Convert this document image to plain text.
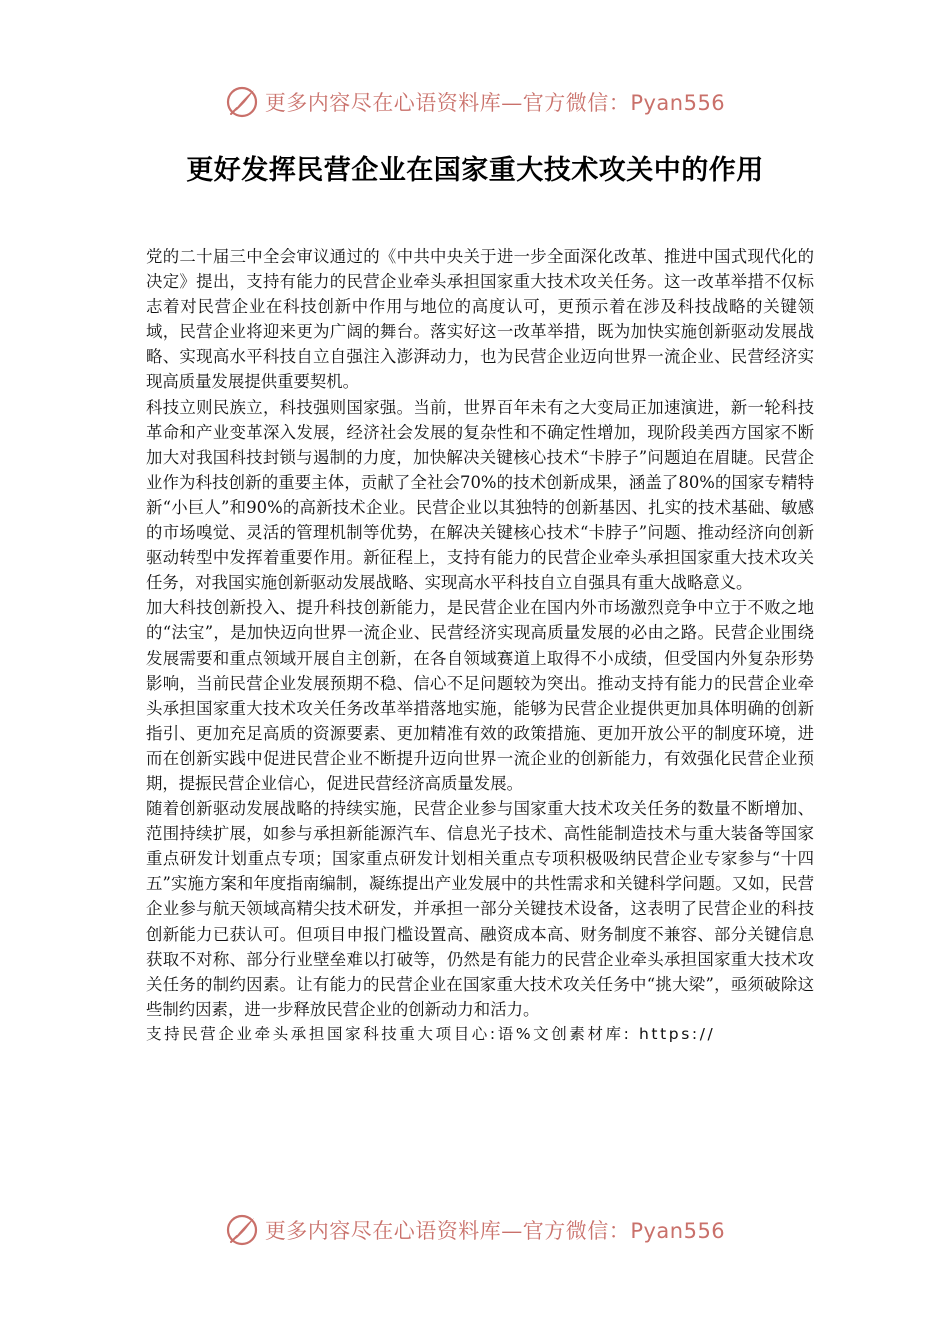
更多内容尽在心语资料库—官方微信：Pyan556
更好发挥民营企业在国家重大技术攻关中的作用

党的二十届三中全会审议通过的《中共中央关于进一步全面深化改革、推进中国式现代化的决定》提出，支持有能力的民营企业牵头承担国家重大技术攻关任务。这一改革举措不仅标志着对民营企业在科技创新中作用与地位的高度认可，更预示着在涉及科技战略的关键领域，民营企业将迎来更为广阔的舞台。落实好这一改革举措，既为加快实施创新驱动发展战略、实现高水平科技自立自强注入澎湃动力，也为民营企业迈向世界一流企业、民营经济实现高质量发展提供重要契机。

科技立则民族立，科技强则国家强。当前，世界百年未有之大变局正加速演进，新一轮科技革命和产业变革深入发展，经济社会发展的复杂性和不确定性增加，现阶段美西方国家不断加大对我国科技封锁与遏制的力度，加快解决关键核心技术“卡脖子”问题迫在眉睫。民营企业作为科技创新的重要主体，贡献了全社会70%的技术创新成果，涵盖了80%的国家专精特新“小巨人”和90%的高新技术企业。民营企业以其独特的创新基因、扎实的技术基础、敏感的市场嗅觉、灵活的管理机制等优势，在解决关键核心技术“卡脖子”问题、推动经济向创新驱动转型中发挥着重要作用。新征程上，支持有能力的民营企业牵头承担国家重大技术攻关任务，对我国实施创新驱动发展战略、实现高水平科技自立自强具有重大战略意义。

加大科技创新投入、提升科技创新能力，是民营企业在国内外市场激烈竞争中立于不败之地的“法宝”，是加快迈向世界一流企业、民营经济实现高质量发展的必由之路。民营企业围绕发展需要和重点领域开展自主创新，在各自领域赛道上取得不小成绩，但受国内外复杂形势影响，当前民营企业发展预期不稳、信心不足问题较为突出。推动支持有能力的民营企业牵头承担国家重大技术攻关任务改革举措落地实施，能够为民营企业提供更加具体明确的创新指引、更加充足高质的资源要素、更加精准有效的政策措施、更加开放公平的制度环境，进而在创新实践中促进民营企业不断提升迈向世界一流企业的创新能力，有效强化民营企业预期，提振民营企业信心，促进民营经济高质量发展。

随着创新驱动发展战略的持续实施，民营企业参与国家重大技术攻关任务的数量不断增加、范围持续扩展，如参与承担新能源汽车、信息光子技术、高性能制造技术与重大装备等国家重点研发计划重点专项；国家重点研发计划相关重点专项积极吸纳民营企业专家参与“十四五”实施方案和年度指南编制，凝练提出产业发展中的共性需求和关键科学问题。又如，民营企业参与航天领域高精尖技术研发，并承担一部分关键技术设备，这表明了民营企业的科技创新能力已获认可。但项目申报门槛设置高、融资成本高、财务制度不兼容、部分关键信息获取不对称、部分行业壁垒难以打破等，仍然是有能力的民营企业牵头承担国家重大技术攻关任务的制约因素。让有能力的民营企业在国家重大技术攻关任务中“挑大梁”，亟须破除这些制约因素，进一步释放民营企业的创新动力和活力。

支持民营企业牵头承担国家科技重大项目心:语%文创素材库: https://

更多内容尽在心语资料库—官方微信：Pyan556
